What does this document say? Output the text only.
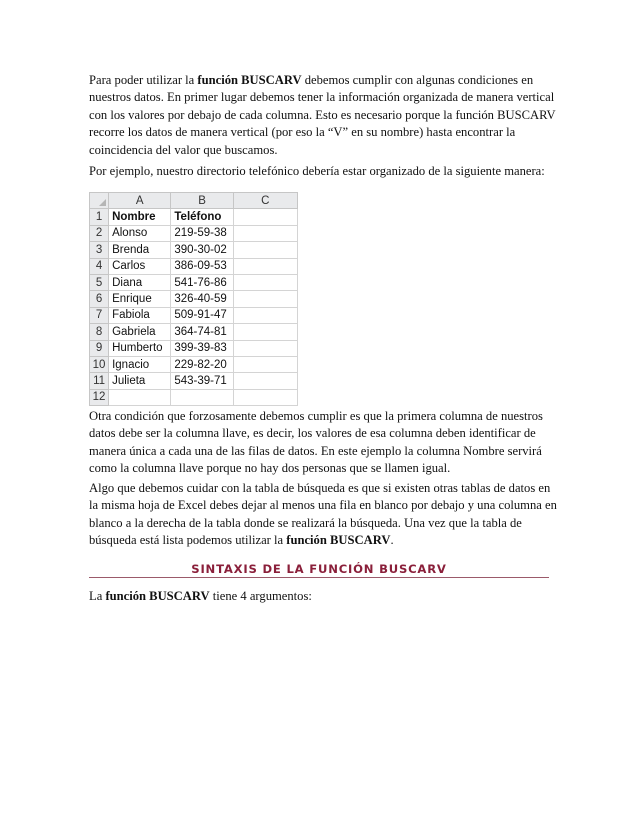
Para poder utilizar la función BUSCARV debemos cumplir con algunas condiciones en nuestros datos. En primer lugar debemos tener la información organizada de manera vertical con los valores por debajo de cada columna. Esto es necesario porque la función BUSCARV recorre los datos de manera vertical (por eso la “V” en su nombre) hasta encontrar la coincidencia del valor que buscamos.

Por ejemplo, nuestro directorio telefónico debería estar organizado de la siguiente manera:

	A	B	C
1	Nombre	Teléfono	
2	Alonso	219-59-38	
3	Brenda	390-30-02	
4	Carlos	386-09-53	
5	Diana	541-76-86	
6	Enrique	326-40-59	
7	Fabiola	509-91-47	
8	Gabriela	364-74-81	
9	Humberto	399-39-83	
10	Ignacio	229-82-20	
11	Julieta	543-39-71	
12			

Otra condición que forzosamente debemos cumplir es que la primera columna de nuestros datos debe ser la columna llave, es decir, los valores de esa columna deben identificar de manera única a cada una de las filas de datos. En este ejemplo la columna Nombre servirá como la columna llave porque no hay dos personas que se llamen igual.

Algo que debemos cuidar con la tabla de búsqueda es que si existen otras tablas de datos en la misma hoja de Excel debes dejar al menos una fila en blanco por debajo y una columna en blanco a la derecha de la tabla donde se realizará la búsqueda. Una vez que la tabla de búsqueda está lista podemos utilizar la función BUSCARV.

SINTAXIS DE LA FUNCIÓN BUSCARV

La función BUSCARV tiene 4 argumentos:
